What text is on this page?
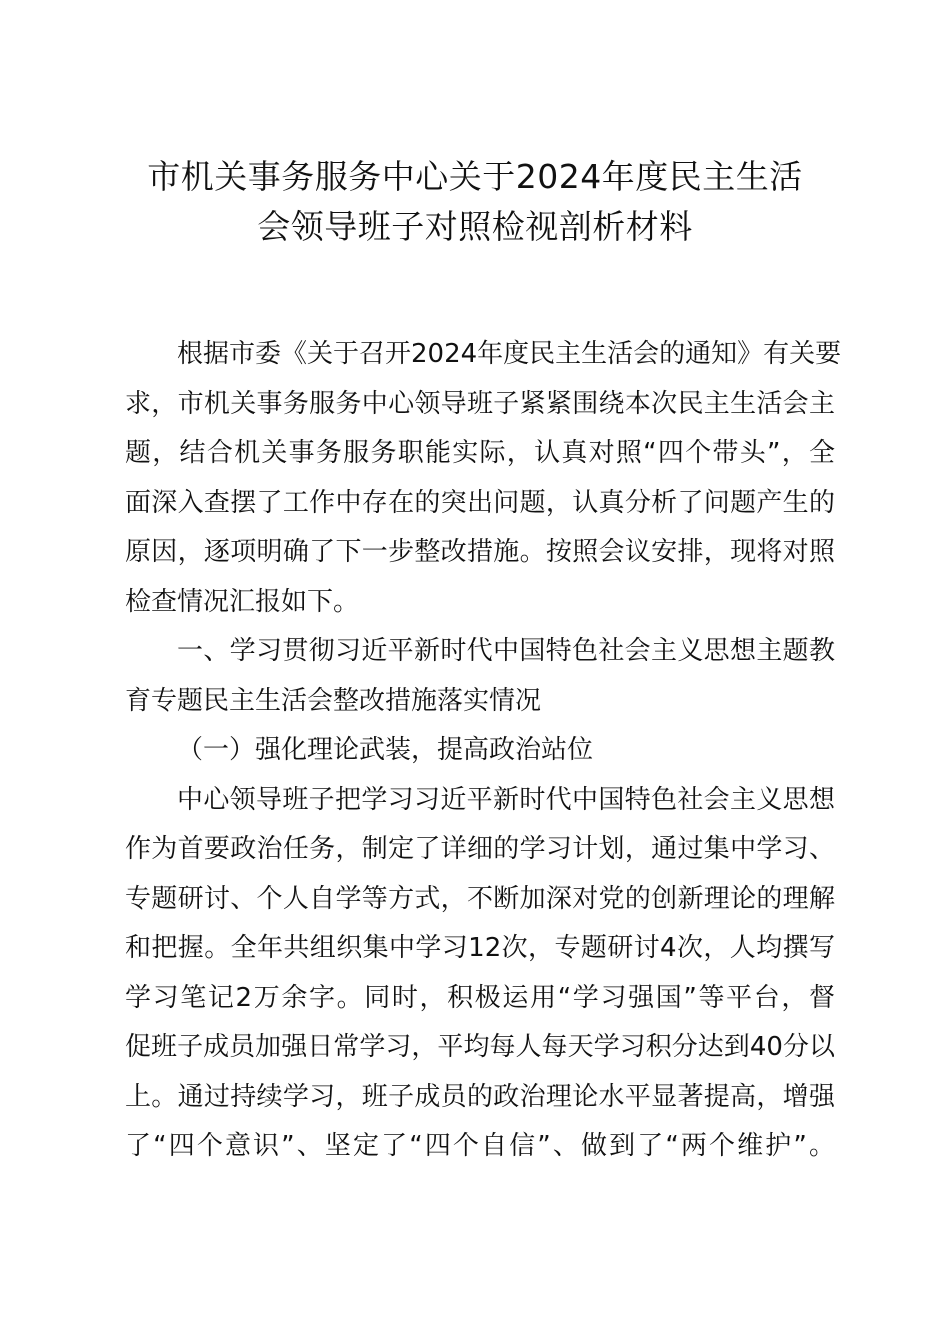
市机关事务服务中心关于2024年度民主生活
会领导班子对照检视剖析材料
根据市委《关于召开2024年度民主生活会的通知》有关要
求，市机关事务服务中心领导班子紧紧围绕本次民主生活会主
题，结合机关事务服务职能实际，认真对照“四个带头”，全
面深入查摆了工作中存在的突出问题，认真分析了问题产生的
原因，逐项明确了下一步整改措施。按照会议安排，现将对照
检查情况汇报如下。
一、学习贯彻习近平新时代中国特色社会主义思想主题教
育专题民主生活会整改措施落实情况
（一）强化理论武装，提高政治站位
中心领导班子把学习习近平新时代中国特色社会主义思想
作为首要政治任务，制定了详细的学习计划，通过集中学习、
专题研讨、个人自学等方式，不断加深对党的创新理论的理解
和把握。全年共组织集中学习12次，专题研讨4次，人均撰写
学习笔记2万余字。同时，积极运用“学习强国”等平台，督
促班子成员加强日常学习，平均每人每天学习积分达到40分以
上。通过持续学习，班子成员的政治理论水平显著提高，增强
了“四个意识”、坚定了“四个自信”、做到了“两个维护”。
